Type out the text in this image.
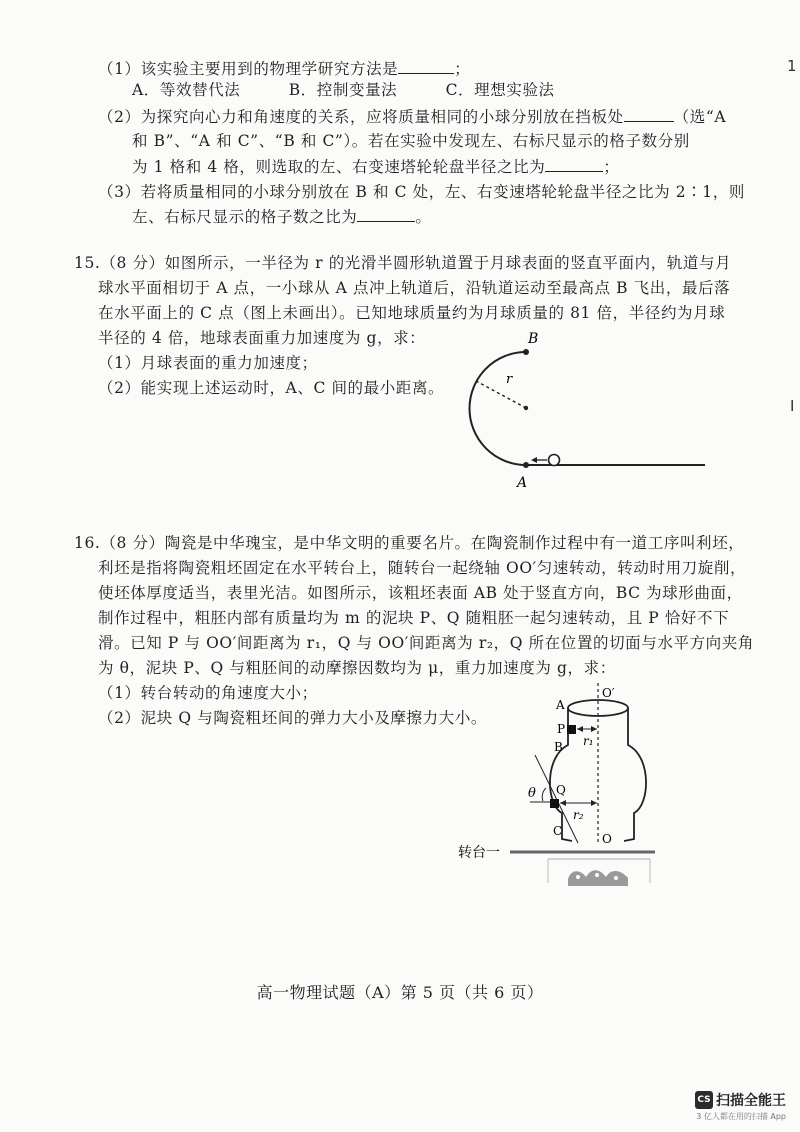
（1）该实验主要用到的物理学研究方法是	；
A．等效替代法　　　B．控制变量法　　　C．理想实验法
（2）为探究向心力和角速度的关系，应将质量相同的小球分别放在挡板处	（选“A
和 B”、“A 和 C”、“B 和 C”）。若在实验中发现左、右标尺显示的格子数分别
为 1 格和 4 格，则选取的左、右变速塔轮轮盘半径之比为	；
（3）若将质量相同的小球分别放在 B 和 C 处，左、右变速塔轮轮盘半径之比为 2∶1，则
左、右标尺显示的格子数之比为	。
15.（8 分）如图所示，一半径为 r 的光滑半圆形轨道置于月球表面的竖直平面内，轨道与月
球水平面相切于 A 点，一小球从 A 点冲上轨道后，沿轨道运动至最高点 B 飞出，最后落
在水平面上的 C 点（图上未画出）。已知地球质量约为月球质量的 81 倍，半径约为月球
半径的 4 倍，地球表面重力加速度为 g，求：
（1）月球表面的重力加速度；
（2）能实现上述运动时，A、C 间的最小距离。
B
r
A
16.（8 分）陶瓷是中华瑰宝，是中华文明的重要名片。在陶瓷制作过程中有一道工序叫利坯，
利坯是指将陶瓷粗坯固定在水平转台上，随转台一起绕轴 OO′匀速转动，转动时用刀旋削，
使坯体厚度适当，表里光洁。如图所示，该粗坯表面 AB 处于竖直方向，BC 为球形曲面，
制作过程中，粗胚内部有质量均为 m 的泥块 P、Q 随粗胚一起匀速转动，且 P 恰好不下
滑。已知 P 与 OO′间距离为 r₁，Q 与 OO′间距离为 r₂，Q 所在位置的切面与水平方向夹角
为 θ，泥块 P、Q 与粗胚间的动摩擦因数均为 μ，重力加速度为 g，求：
（1）转台转动的角速度大小；
（2）泥块 Q 与陶瓷粗坯间的弹力大小及摩擦力大小。
A
P
B
Q
C
O
O′
θ
r₁
r₂
转台一
1
I
高一物理试题（A）第 5 页（共 6 页）
CS 扫描全能王
3 亿人都在用的扫描 App
